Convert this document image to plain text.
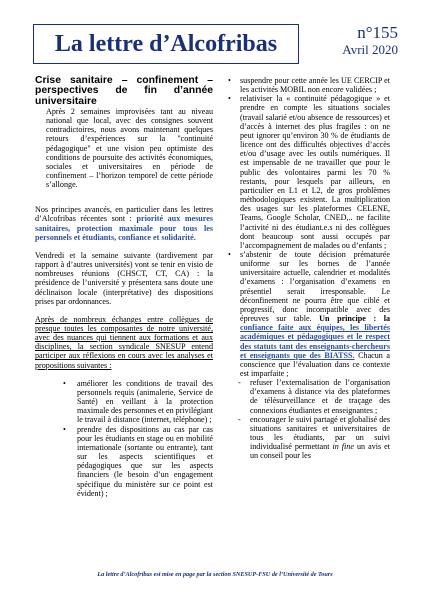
La lettre d’Alcofribas	n°155
Avril 2020

Crise sanitaire – confinement – perspectives de fin d’année universitaire

Après 2 semaines improvisées tant au niveau national que local, avec des consignes souvent contradictoires, nous avons maintenant quelques retours d’expériences sur la "continuité pédagogique" et une vision peu optimiste des conditions de poursuite des activités économiques, sociales et universitaires en période de confinement – l’horizon temporel de cette période s’allonge.

Nos principes avancés, en particulier dans les lettres d’Alcofribas récentes sont : priorité aux mesures sanitaires, protection maximale pour tous les personnels et étudiants, confiance et solidarité.

Vendredi et la semaine suivante (tardivement par rapport à d’autres universités) vont se tenir en visio de nombreuses réunions (CHSCT, CT, CA) : la présidence de l’université y présentera sans doute une déclinaison locale (interprétative) des dispositions prises par ordonnances.

Après de nombreux échanges entre collègues de presque toutes les composantes de notre université, avec des nuances qui tiennent aux formations et aux disciplines, la section syndicale SNESUP entend participer aux réflexions en cours avec les analyses et propositions suivantes :

• améliorer les conditions de travail des personnels requis (animalerie, Service de Santé) en veillant à la protection maximale des personnes et en privilégiant le travail à distance (internet, téléphone) ;
• prendre des dispositions au cas par cas pour les étudiants en stage ou en mobilité internationale (sortante ou entrante), tant sur les aspects scientifiques et pédagogiques que sur les aspects financiers (le besoin d’un engagement spécifique du ministère sur ce point est évident) ;
• suspendre pour cette année les UE CERCIP et les activités MOBIL non encore validées ;
• relativiser la « continuité pédagogique » et prendre en compte les situations sociales (travail salarié et/ou absence de ressources) et d’accès à internet des plus fragiles : on ne peut ignorer qu’environ 30 % de étudiants de licence ont des difficultés objectives d’accès et/ou d’usage avec les outils numériques. Il est impensable de ne travailler que pour le public des volontaires parmi les 70 % restants, pour lesquels par ailleurs, en particulier en L1 et L2, de gros problèmes méthodologiques existent. La multiplication des usages sur les plateformes CELENE, Teams, Google Scholar, CNED,.. ne facilite l’activité ni des étudiant.e.s ni des collègues dont beaucoup sont aussi occupés par l’accompagnement de malades ou d’enfants ;
• s’abstenir de toute décision prématurée uniforme sur les bornes de l’année universitaire actuelle, calendrier et modalités d’examens : l’organisation d’examens en présentiel serait irresponsable. Le déconfinement ne pourra être que ciblé et progressif, donc incompatible avec des épreuves sur table. Un principe : la confiance faite aux équipes, les libertés académiques et pédagogiques et le respect des statuts tant des enseignants-chercheurs et enseignants que des BIATSS. Chacun a conscience que l’évaluation dans ce contexte est imparfaite ;
- refuser l’externalisation de l’organisation d’examens à distance via des plateformes de télésurveillance et de traçage des connexions étudiantes et enseignantes ;
- encourager le suivi partagé et globalisé des situations sanitaires et universitaires de tous les étudiants, par un suivi individualisé permettant in fine un avis et un conseil pour les
La lettre d’Alcofribas est mise en page par la section SNESUP-FSU de l’Université de Tours
